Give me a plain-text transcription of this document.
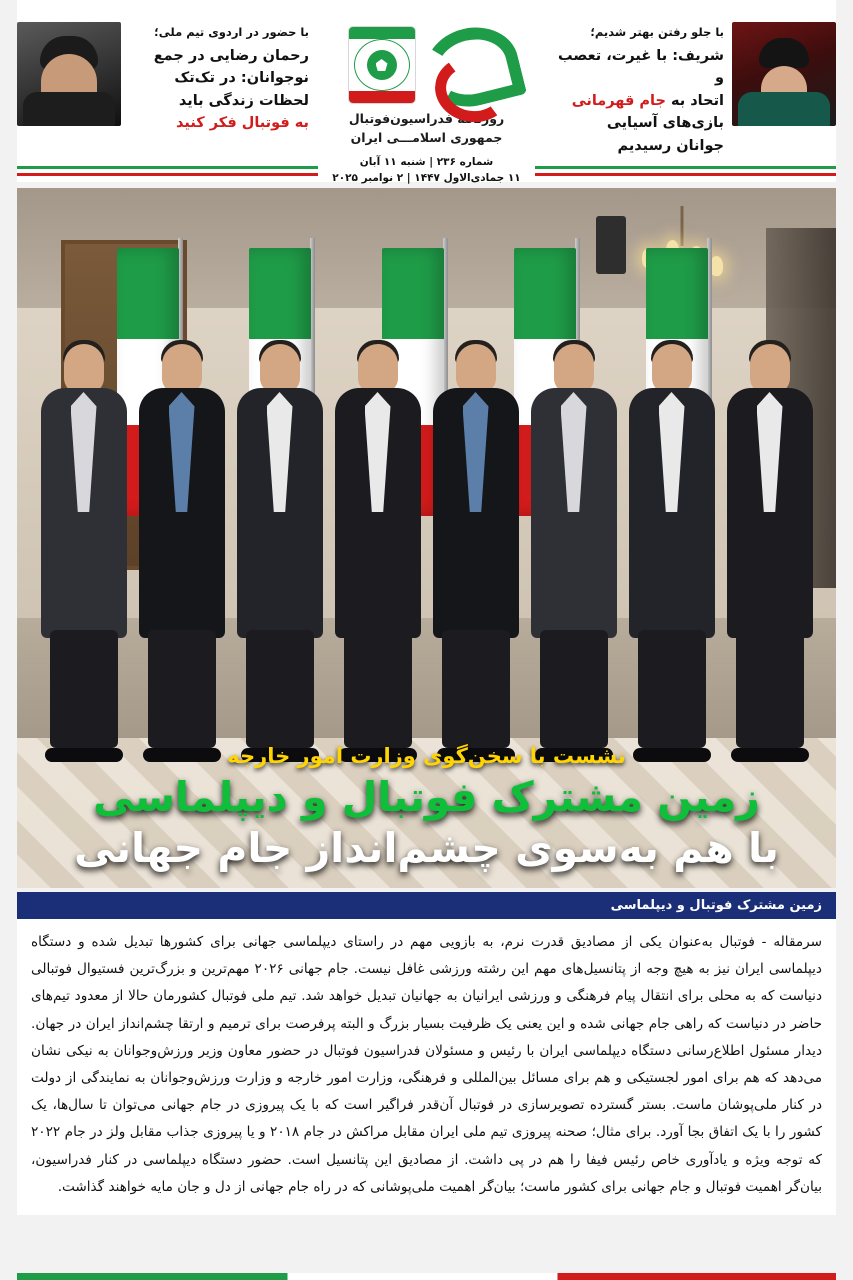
با جلو رفتن بهتر شدیم؛
شریف: با غیرت، تعصب و
اتحاد به جام قهرمانی
بازی‌های آسیایی
جوانان رسیدیم
روزنامه فدراسیون‌فوتبال
جمهوری اسلامـــی ایران
با حضور در اردوی تیم ملی؛
رحمان رضایی در جمع
نوجوانان: در تک‌تک
لحظات زندگی باید
به فوتبال فکر کنید
شماره ۲۳۶ | شنبه ۱۱ آبان
۱۱ جمادی‌الاول ۱۴۴۷ | ۲ نوامبر ۲۰۲۵
نشست با سخن‌گوی وزارت امور خارجه
زمین مشترک فوتبال و دیپلماسی
با هم به‌سوی چشم‌انداز جام جهانی
زمین مشترک فوتبال و دیپلماسی

سرمقاله - فوتبال به‌عنوان یکی از مصادیق قدرت نرم، به بازویی مهم در راستای دیپلماسی جهانی برای کشورها تبدیل شده و دستگاه دیپلماسی ایران نیز به هیچ وجه از پتانسیل‌های مهم این رشته ورزشی غافل نیست. جام جهانی ۲۰۲۶ مهم‌ترین و بزرگ‌ترین فستیوال فوتبالی دنیاست که به محلی برای انتقال پیام فرهنگی و ورزشی ایرانیان به جهانیان تبدیل خواهد شد. تیم ملی فوتبال کشورمان حالا از معدود تیم‌های حاضر در دنیاست که راهی جام جهانی شده و این یعنی یک ظرفیت بسیار بزرگ و البته پرفرصت برای ترمیم و ارتقا چشم‌انداز ایران در جهان. دیدار مسئول اطلاع‌رسانی دستگاه دیپلماسی ایران با رئیس و مسئولان فدراسیون فوتبال در حضور معاون وزیر ورزش‌وجوانان به نیکی نشان می‌دهد که هم برای امور لجستیکی و هم برای مسائل بین‌المللی و فرهنگی، وزارت امور خارجه و وزارت ورزش‌وجوانان به نمایندگی از دولت در کنار ملی‌پوشان ماست. بستر گسترده تصویرسازی در فوتبال آن‌قدر فراگیر است که با یک پیروزی در جام جهانی می‌توان تا سال‌ها، یک کشور را با یک اتفاق بجا آورد. برای مثال؛ صحنه پیروزی تیم ملی ایران مقابل مراکش در جام ۲۰۱۸ و یا پیروزی جذاب مقابل ولز در جام ۲۰۲۲ که توجه ویژه و یادآوری خاص رئیس فیفا را هم در پی داشت. از مصادیق این پتانسیل است. حضور دستگاه دیپلماسی در کنار فدراسیون، بیان‌گر اهمیت فوتبال و جام جهانی برای کشور ماست؛ بیان‌گر اهمیت ملی‌پوشانی که در راه جام جهانی از دل و جان مایه خواهند گذاشت.
